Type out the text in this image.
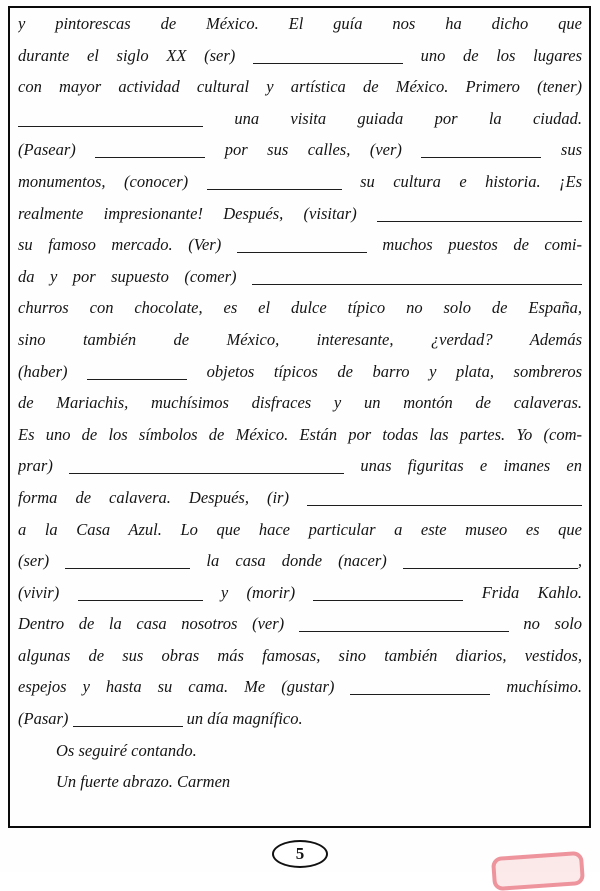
y pintorescas de México. El guía nos ha dicho que
durante el siglo XX (ser)	uno de los lugares
con mayor actividad cultural y artística de México. Primero (tener)
una visita guiada por la ciudad.
(Pasear)	por sus calles, (ver)	sus
monumentos, (conocer)	su cultura e historia. ¡Es
realmente impresionante! Después, (visitar)
su famoso mercado. (Ver)	muchos puestos de comi-
da y por supuesto (comer)
churros con chocolate, es el dulce típico no solo de España,
sino también de México, interesante, ¿verdad? Además
(haber)	objetos típicos de barro y plata, sombreros
de Mariachis, muchísimos disfraces y un montón de calaveras.
Es uno de los símbolos de México. Están por todas las partes. Yo (com-
prar)	unas figuritas e imanes en
forma de calavera. Después, (ir)
a la Casa Azul. Lo que hace particular a este museo es que
(ser)	la casa donde (nacer)	,
(vivir)	y (morir)	Frida Kahlo.
Dentro de la casa nosotros (ver)	no solo
algunas de sus obras más famosas, sino también diarios, vestidos,
espejos y hasta su cama. Me (gustar)	muchísimo.
(Pasar)	un día magnífico.
Os seguiré contando.
Un fuerte abrazo. Carmen
5
